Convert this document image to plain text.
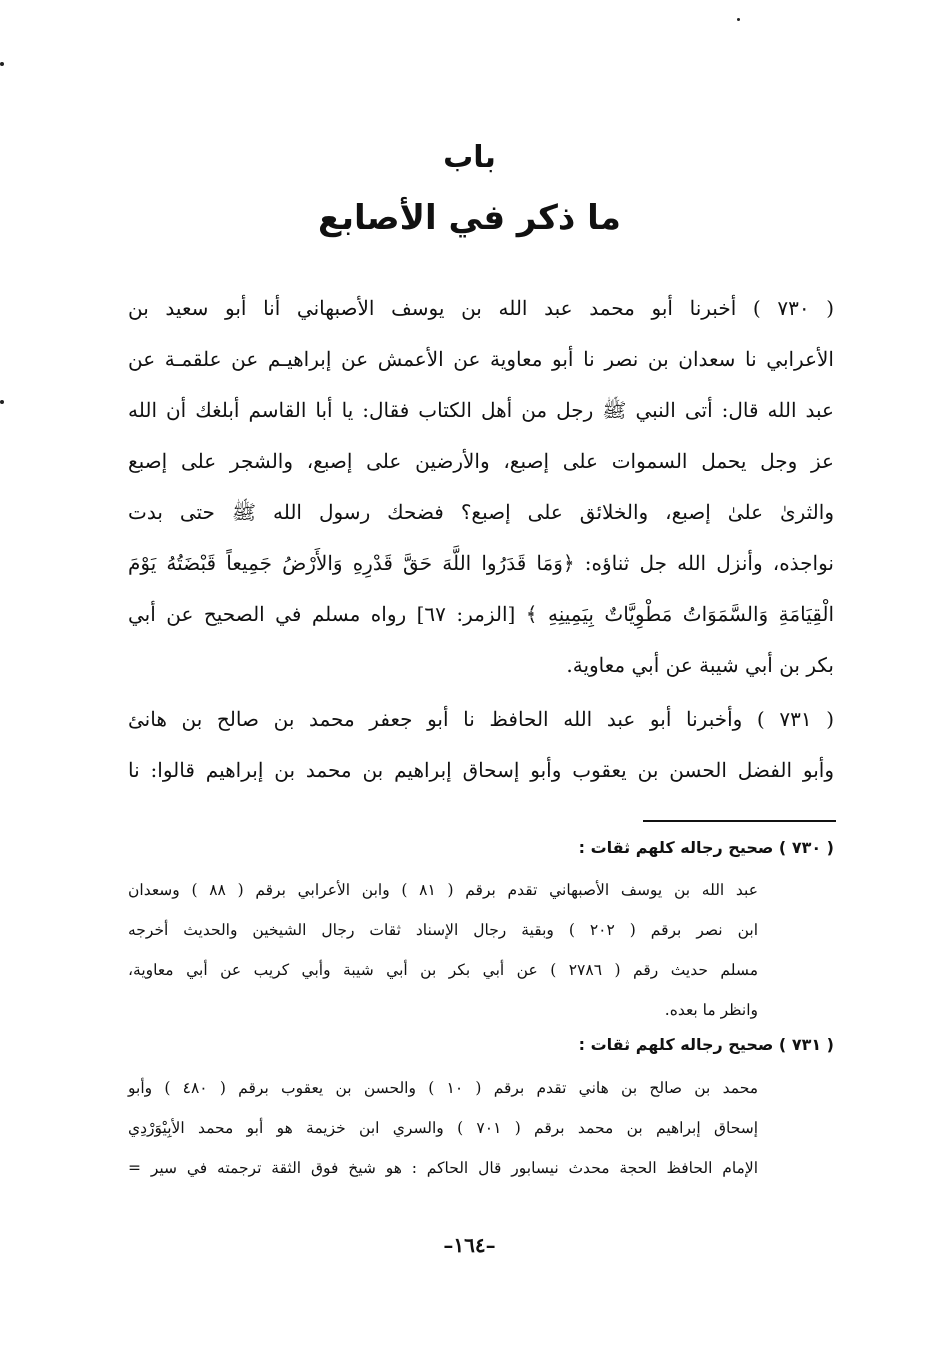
باب
ما ذكر في الأصابع
( ٧٣٠ ) أخبرنا أبو محمد عبد الله بن يوسف الأصبهاني أنا أبو سعيد بن
الأعرابي نا سعدان بن نصر نا أبو معاوية عن الأعمش عن إبراهيـم عن علقمـة عن
عبد الله قال: أتى النبي ﷺ رجل من أهل الكتاب فقال: يا أبا القاسم أبلغك أن الله
عز وجل يحمل السموات على إصبع، والأرضين على إصبع، والشجر على إصبع
والثرىٰ علىٰ إصبع، والخلائق على إصبع؟ فضحك رسول الله ﷺ حتى بدت
نواجذه، وأنزل الله جل ثناؤه: ﴿وَمَا قَدَرُوا اللَّهَ حَقَّ قَدْرِهِ وَالأَرْضُ جَمِيعاً قَبْضَتُهُ يَوْمَ
الْقِيَامَةِ وَالسَّمَوَاتُ مَطْوِيَّاتٌ بِيَمِينِهِ ﴾ [الزمر: ٦٧] رواه مسلم في الصحيح عن أبي
بكر بن أبي شيبة عن أبي معاوية.
( ٧٣١ ) وأخبرنا أبو عبد الله الحافظ نا أبو جعفر محمد بن صالح بن هانئ
وأبو الفضل الحسن بن يعقوب وأبو إسحاق إبراهيم بن محمد بن إبراهيم قالوا: نا
( ٧٣٠ ) صحيح رجاله كلهم ثقات :
عبد الله بن يوسف الأصبهاني تقدم برقم ( ٨١ ) وابن الأعرابي برقم ( ٨٨ ) وسعدان
ابن نصر برقم ( ٢٠٢ ) وبقية رجال الإسناد ثقات رجال الشيخين والحديث أخرجه
مسلم حديث رقم ( ٢٧٨٦ ) عن أبي بكر بن أبي شيبة وأبي كريب عن أبي معاوية،
وانظر ما بعده.
( ٧٣١ ) صحيح رجاله كلهم ثقات :
محمد بن صالح بن هاني تقدم برقم ( ١٠ ) والحسن بن يعقوب برقم ( ٤٨٠ ) وأبو
إسحاق إبراهيم بن محمد برقم ( ٧٠١ ) والسري ابن خزيمة هو أبو محمد الأبِيْوَرْدِي
الإمام الحافظ الحجة محدث نيسابور قال الحاكم : هو شيخ فوق الثقة ترجمته في سير =
–١٦٤–
